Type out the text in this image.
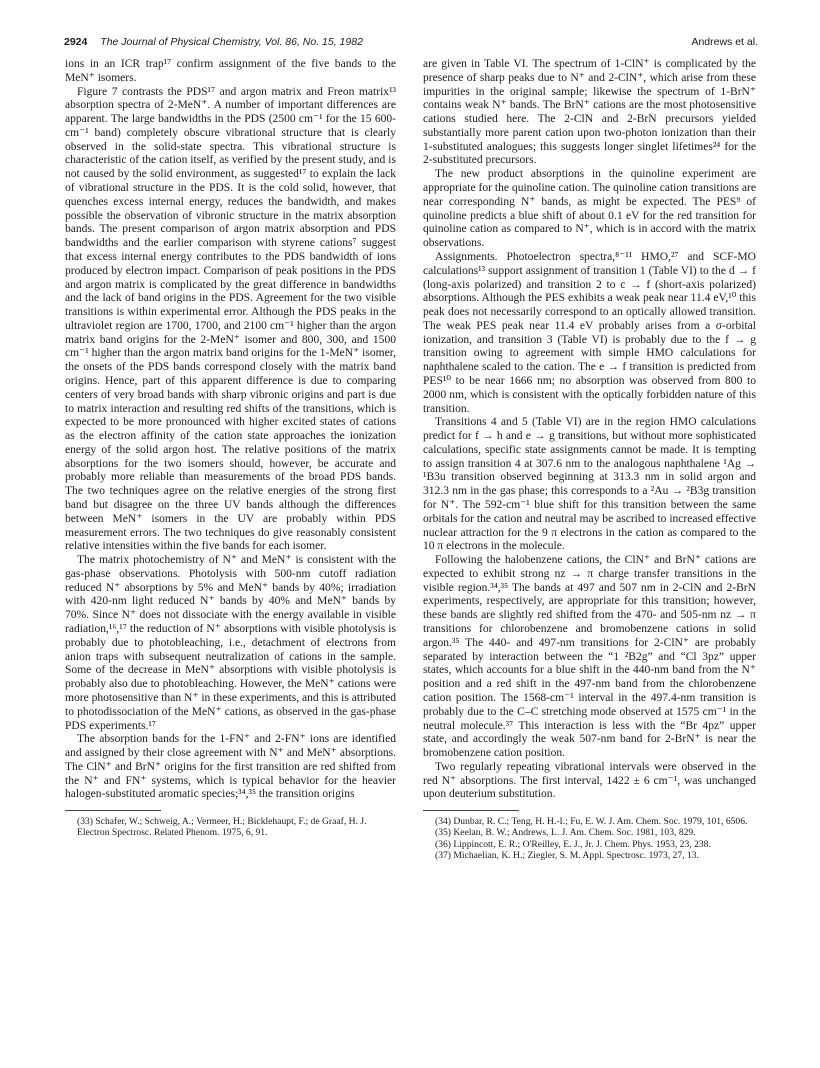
2924 The Journal of Physical Chemistry, Vol. 86, No. 15, 1982	Andrews et al.

ions in an ICR trap¹⁷ confirm assignment of the five bands to the MeN⁺ isomers.

Figure 7 contrasts the PDS¹⁷ and argon matrix and Freon matrix¹³ absorption spectra of 2-MeN⁺. A number of important differences are apparent. The large bandwidths in the PDS (2500 cm⁻¹ for the 15 600-cm⁻¹ band) completely obscure vibrational structure that is clearly observed in the solid-state spectra. This vibrational structure is characteristic of the cation itself, as verified by the present study, and is not caused by the solid environment, as suggested¹⁷ to explain the lack of vibrational structure in the PDS. It is the cold solid, however, that quenches excess internal energy, reduces the bandwidth, and makes possible the observation of vibronic structure in the matrix absorption bands. The present comparison of argon matrix absorption and PDS bandwidths and the earlier comparison with styrene cations⁷ suggest that excess internal energy contributes to the PDS bandwidth of ions produced by electron impact. Comparison of peak positions in the PDS and argon matrix is complicated by the great difference in bandwidths and the lack of band origins in the PDS. Agreement for the two visible transitions is within experimental error. Although the PDS peaks in the ultraviolet region are 1700, 1700, and 2100 cm⁻¹ higher than the argon matrix band origins for the 2-MeN⁺ isomer and 800, 300, and 1500 cm⁻¹ higher than the argon matrix band origins for the 1-MeN⁺ isomer, the onsets of the PDS bands correspond closely with the matrix band origins. Hence, part of this apparent difference is due to comparing centers of very broad bands with sharp vibronic origins and part is due to matrix interaction and resulting red shifts of the transitions, which is expected to be more pronounced with higher excited states of cations as the electron affinity of the cation state approaches the ionization energy of the solid argon host. The relative positions of the matrix absorptions for the two isomers should, however, be accurate and probably more reliable than measurements of the broad PDS bands. The two techniques agree on the relative energies of the strong first band but disagree on the three UV bands although the differences between MeN⁺ isomers in the UV are probably within PDS measurement errors. The two techniques do give reasonably consistent relative intensities within the five bands for each isomer.

The matrix photochemistry of N⁺ and MeN⁺ is consistent with the gas-phase observations. Photolysis with 500-nm cutoff radiation reduced N⁺ absorptions by 5% and MeN⁺ bands by 40%; irradiation with 420-nm light reduced N⁺ bands by 40% and MeN⁺ bands by 70%. Since N⁺ does not dissociate with the energy available in visible radiation,¹⁶,¹⁷ the reduction of N⁺ absorptions with visible photolysis is probably due to photobleaching, i.e., detachment of electrons from anion traps with subsequent neutralization of cations in the sample. Some of the decrease in MeN⁺ absorptions with visible photolysis is probably also due to photobleaching. However, the MeN⁺ cations were more photosensitive than N⁺ in these experiments, and this is attributed to photodissociation of the MeN⁺ cations, as observed in the gas-phase PDS experiments.¹⁷

The absorption bands for the 1-FN⁺ and 2-FN⁺ ions are identified and assigned by their close agreement with N⁺ and MeN⁺ absorptions. The ClN⁺ and BrN⁺ origins for the first transition are red shifted from the N⁺ and FN⁺ systems, which is typical behavior for the heavier halogen-substituted aromatic species;³⁴,³⁵ the transition origins

(33) Schafer, W.; Schweig, A.; Vermeer, H.; Bicklehaupt, F.; de Graaf, H. J. Electron Spectrosc. Related Phenom. 1975, 6, 91.

are given in Table VI. The spectrum of 1-ClN⁺ is complicated by the presence of sharp peaks due to N⁺ and 2-ClN⁺, which arise from these impurities in the original sample; likewise the spectrum of 1-BrN⁺ contains weak N⁺ bands. The BrN⁺ cations are the most photosensitive cations studied here. The 2-ClN and 2-BrN precursors yielded substantially more parent cation upon two-photon ionization than their 1-substituted analogues; this suggests longer singlet lifetimes²⁴ for the 2-substituted precursors.

The new product absorptions in the quinoline experiment are appropriate for the quinoline cation. The quinoline cation transitions are near corresponding N⁺ bands, as might be expected. The PES⁹ of quinoline predicts a blue shift of about 0.1 eV for the red transition for quinoline cation as compared to N⁺, which is in accord with the matrix observations.

Assignments. Photoelectron spectra,⁸⁻¹¹ HMO,²⁷ and SCF-MO calculations¹³ support assignment of transition 1 (Table VI) to the d → f (long-axis polarized) and transition 2 to c → f (short-axis polarized) absorptions. Although the PES exhibits a weak peak near 11.4 eV,¹⁰ this peak does not necessarily correspond to an optically allowed transition. The weak PES peak near 11.4 eV probably arises from a σ-orbital ionization, and transition 3 (Table VI) is probably due to the f → g transition owing to agreement with simple HMO calculations for naphthalene scaled to the cation. The e → f transition is predicted from PES¹⁰ to be near 1666 nm; no absorption was observed from 800 to 2000 nm, which is consistent with the optically forbidden nature of this transition.

Transitions 4 and 5 (Table VI) are in the region HMO calculations predict for f → h and e → g transitions, but without more sophisticated calculations, specific state assignments cannot be made. It is tempting to assign transition 4 at 307.6 nm to the analogous naphthalene ¹Ag → ¹B3u transition observed beginning at 313.3 nm in solid argon and 312.3 nm in the gas phase; this corresponds to a ²Au → ²B3g transition for N⁺. The 592-cm⁻¹ blue shift for this transition between the same orbitals for the cation and neutral may be ascribed to increased effective nuclear attraction for the 9 π electrons in the cation as compared to the 10 π electrons in the molecule.

Following the halobenzene cations, the ClN⁺ and BrN⁺ cations are expected to exhibit strong nz → π charge transfer transitions in the visible region.³⁴,³⁵ The bands at 497 and 507 nm in 2-ClN and 2-BrN experiments, respectively, are appropriate for this transition; however, these bands are slightly red shifted from the 470- and 505-nm nz → π transitions for chlorobenzene and bromobenzene cations in solid argon.³⁵ The 440- and 497-nm transitions for 2-ClN⁺ are probably separated by interaction between the “1 ²B2g” and “Cl 3pz” upper states, which accounts for a blue shift in the 440-nm band from the N⁺ position and a red shift in the 497-nm band from the chlorobenzene cation position. The 1568-cm⁻¹ interval in the 497.4-nm transition is probably due to the C–C stretching mode observed at 1575 cm⁻¹ in the neutral molecule.³⁷ This interaction is less with the “Br 4pz” upper state, and accordingly the weak 507-nm band for 2-BrN⁺ is near the bromobenzene cation position.

Two regularly repeating vibrational intervals were observed in the red N⁺ absorptions. The first interval, 1422 ± 6 cm⁻¹, was unchanged upon deuterium substitution.

(34) Dunbar, R. C.; Teng, H. H.-I.; Fu, E. W. J. Am. Chem. Soc. 1979, 101, 6506.

(35) Keelan, B. W.; Andrews, L. J. Am. Chem. Soc. 1981, 103, 829.

(36) Lippincott, E. R.; O'Reilley, E. J., Jr. J. Chem. Phys. 1953, 23, 238.

(37) Michaelian, K. H.; Ziegler, S. M. Appl. Spectrosc. 1973, 27, 13.
